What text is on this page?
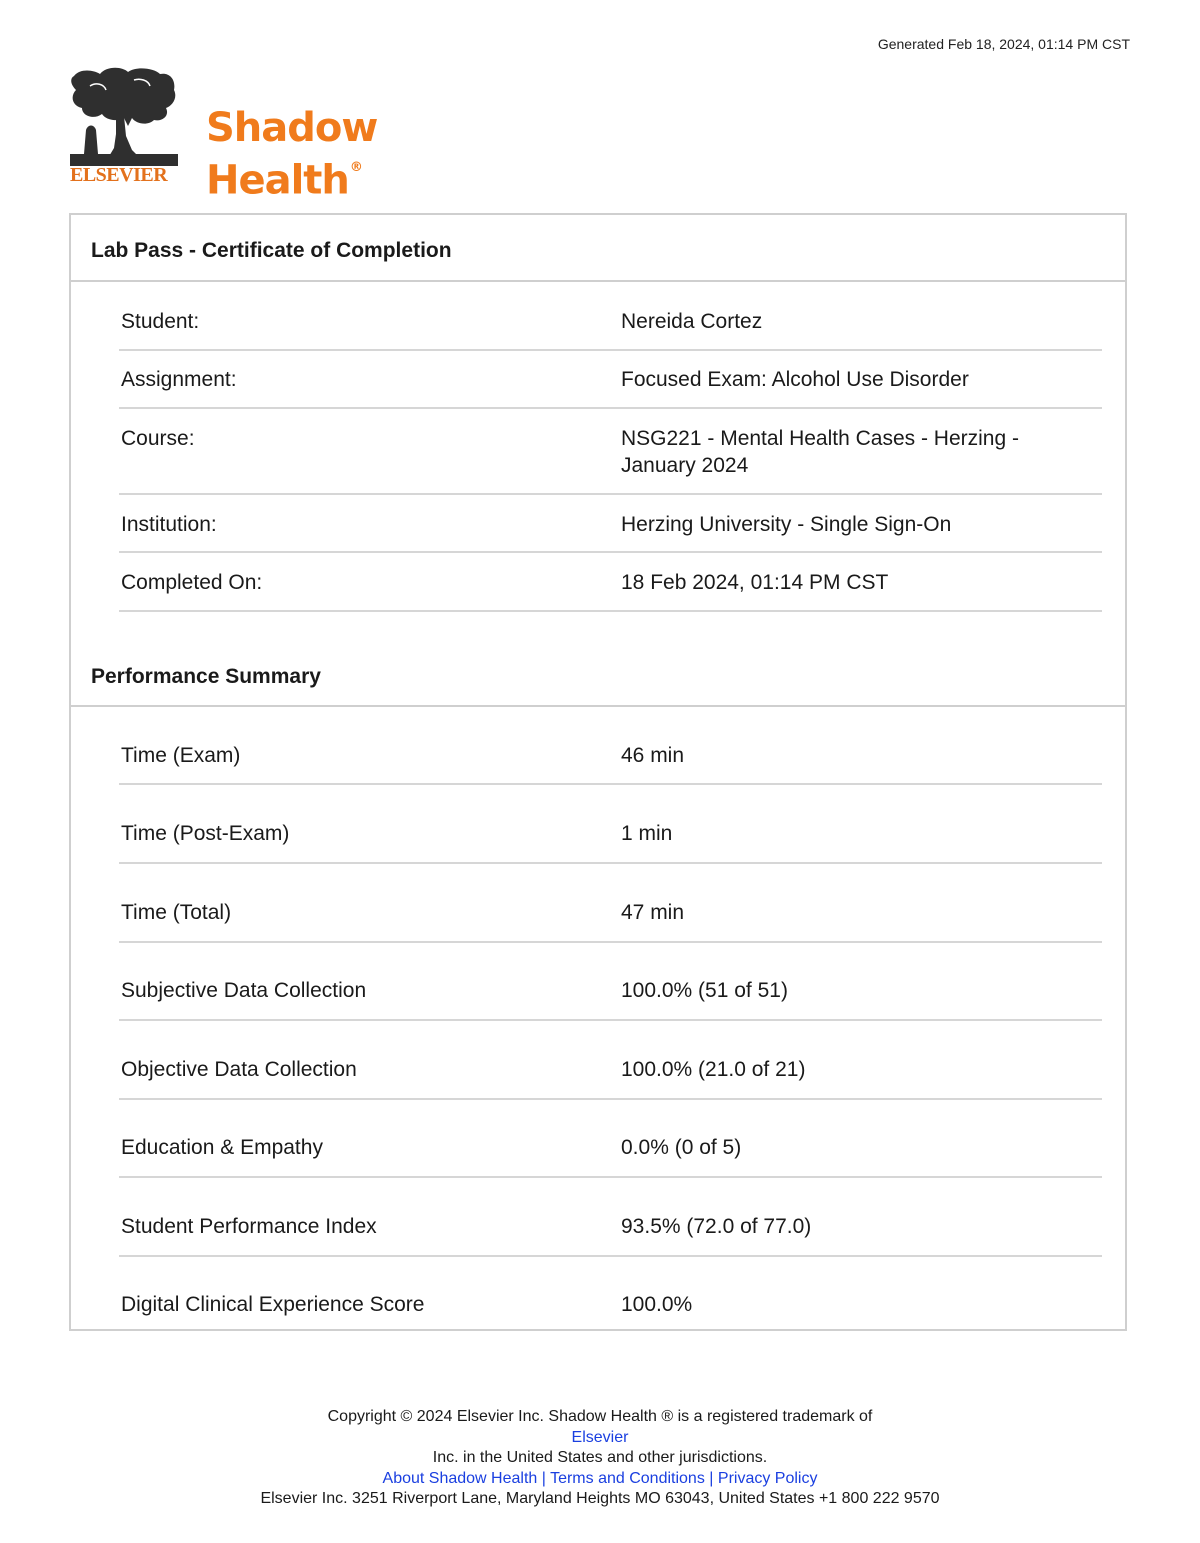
Generated Feb 18, 2024, 01:14 PM CST
ELSEVIER
Shadow Health®
Lab Pass - Certificate of Completion
Student:	Nereida Cortez
Assignment:	Focused Exam: Alcohol Use Disorder
Course:	NSG221 - Mental Health Cases - Herzing - January 2024
Institution:	Herzing University - Single Sign-On
Completed On:	18 Feb 2024, 01:14 PM CST
Performance Summary
Time (Exam)	46 min
Time (Post-Exam)	1 min
Time (Total)	47 min
Subjective Data Collection	100.0% (51 of 51)
Objective Data Collection	100.0% (21.0 of 21)
Education & Empathy	0.0% (0 of 5)
Student Performance Index	93.5% (72.0 of 77.0)
Digital Clinical Experience Score	100.0%
Copyright © 2024 Elsevier Inc. Shadow Health ® is a registered trademark of
Elsevier
Inc. in the United States and other jurisdictions.
About Shadow Health | Terms and Conditions | Privacy Policy
Elsevier Inc. 3251 Riverport Lane, Maryland Heights MO 63043, United States +1 800 222 9570
